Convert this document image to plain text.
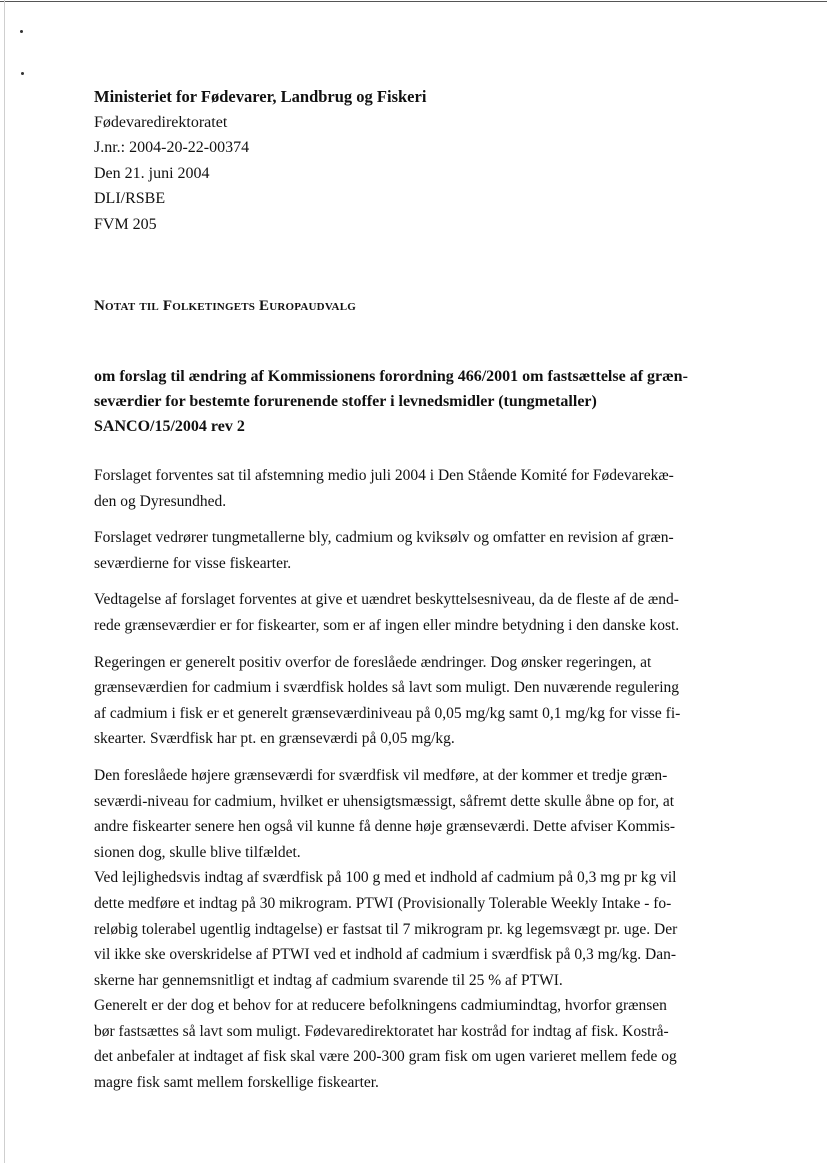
Ministeriet for Fødevarer, Landbrug og Fiskeri
Fødevaredirektoratet
J.nr.: 2004-20-22-00374
Den 21. juni 2004
DLI/RSBE
FVM 205
Notat til Folketingets Europaudvalg
om forslag til ændring af Kommissionens forordning 466/2001 om fastsættelse af græn-
seværdier for bestemte forurenende stoffer i levnedsmidler (tungmetaller)
SANCO/15/2004 rev 2

Forslaget forventes sat til afstemning medio juli 2004 i Den Stående Komité for Fødevarekæ-
den og Dyresundhed.

Forslaget vedrører tungmetallerne bly, cadmium og kviksølv og omfatter en revision af græn-
seværdierne for visse fiskearter.

Vedtagelse af forslaget forventes at give et uændret beskyttelsesniveau, da de fleste af de ænd-
rede grænseværdier er for fiskearter, som er af ingen eller mindre betydning i den danske kost.

Regeringen er generelt positiv overfor de foreslåede ændringer. Dog ønsker regeringen, at
grænseværdien for cadmium i sværdfisk holdes så lavt som muligt. Den nuværende regulering
af cadmium i fisk er et generelt grænseværdiniveau på 0,05 mg/kg samt 0,1 mg/kg for visse fi-
skearter. Sværdfisk har pt. en grænseværdi på 0,05 mg/kg.

Den foreslåede højere grænseværdi for sværdfisk vil medføre, at der kommer et tredje græn-
seværdi-niveau for cadmium, hvilket er uhensigtsmæssigt, såfremt dette skulle åbne op for, at
andre fiskearter senere hen også vil kunne få denne høje grænseværdi. Dette afviser Kommis-
sionen dog, skulle blive tilfældet.

Ved lejlighedsvis indtag af sværdfisk på 100 g med et indhold af cadmium på 0,3 mg pr kg vil
dette medføre et indtag på 30 mikrogram. PTWI (Provisionally Tolerable Weekly Intake - fo-
reløbig tolerabel ugentlig indtagelse) er fastsat til 7 mikrogram pr. kg legemsvægt pr. uge. Der
vil ikke ske overskridelse af PTWI ved et indhold af cadmium i sværdfisk på 0,3 mg/kg. Dan-
skerne har gennemsnitligt et indtag af cadmium svarende til 25 % af PTWI.

Generelt er der dog et behov for at reducere befolkningens cadmiumindtag, hvorfor grænsen
bør fastsættes så lavt som muligt. Fødevaredirektoratet har kostråd for indtag af fisk. Kostrå-
det anbefaler at indtaget af fisk skal være 200-300 gram fisk om ugen varieret mellem fede og
magre fisk samt mellem forskellige fiskearter.
